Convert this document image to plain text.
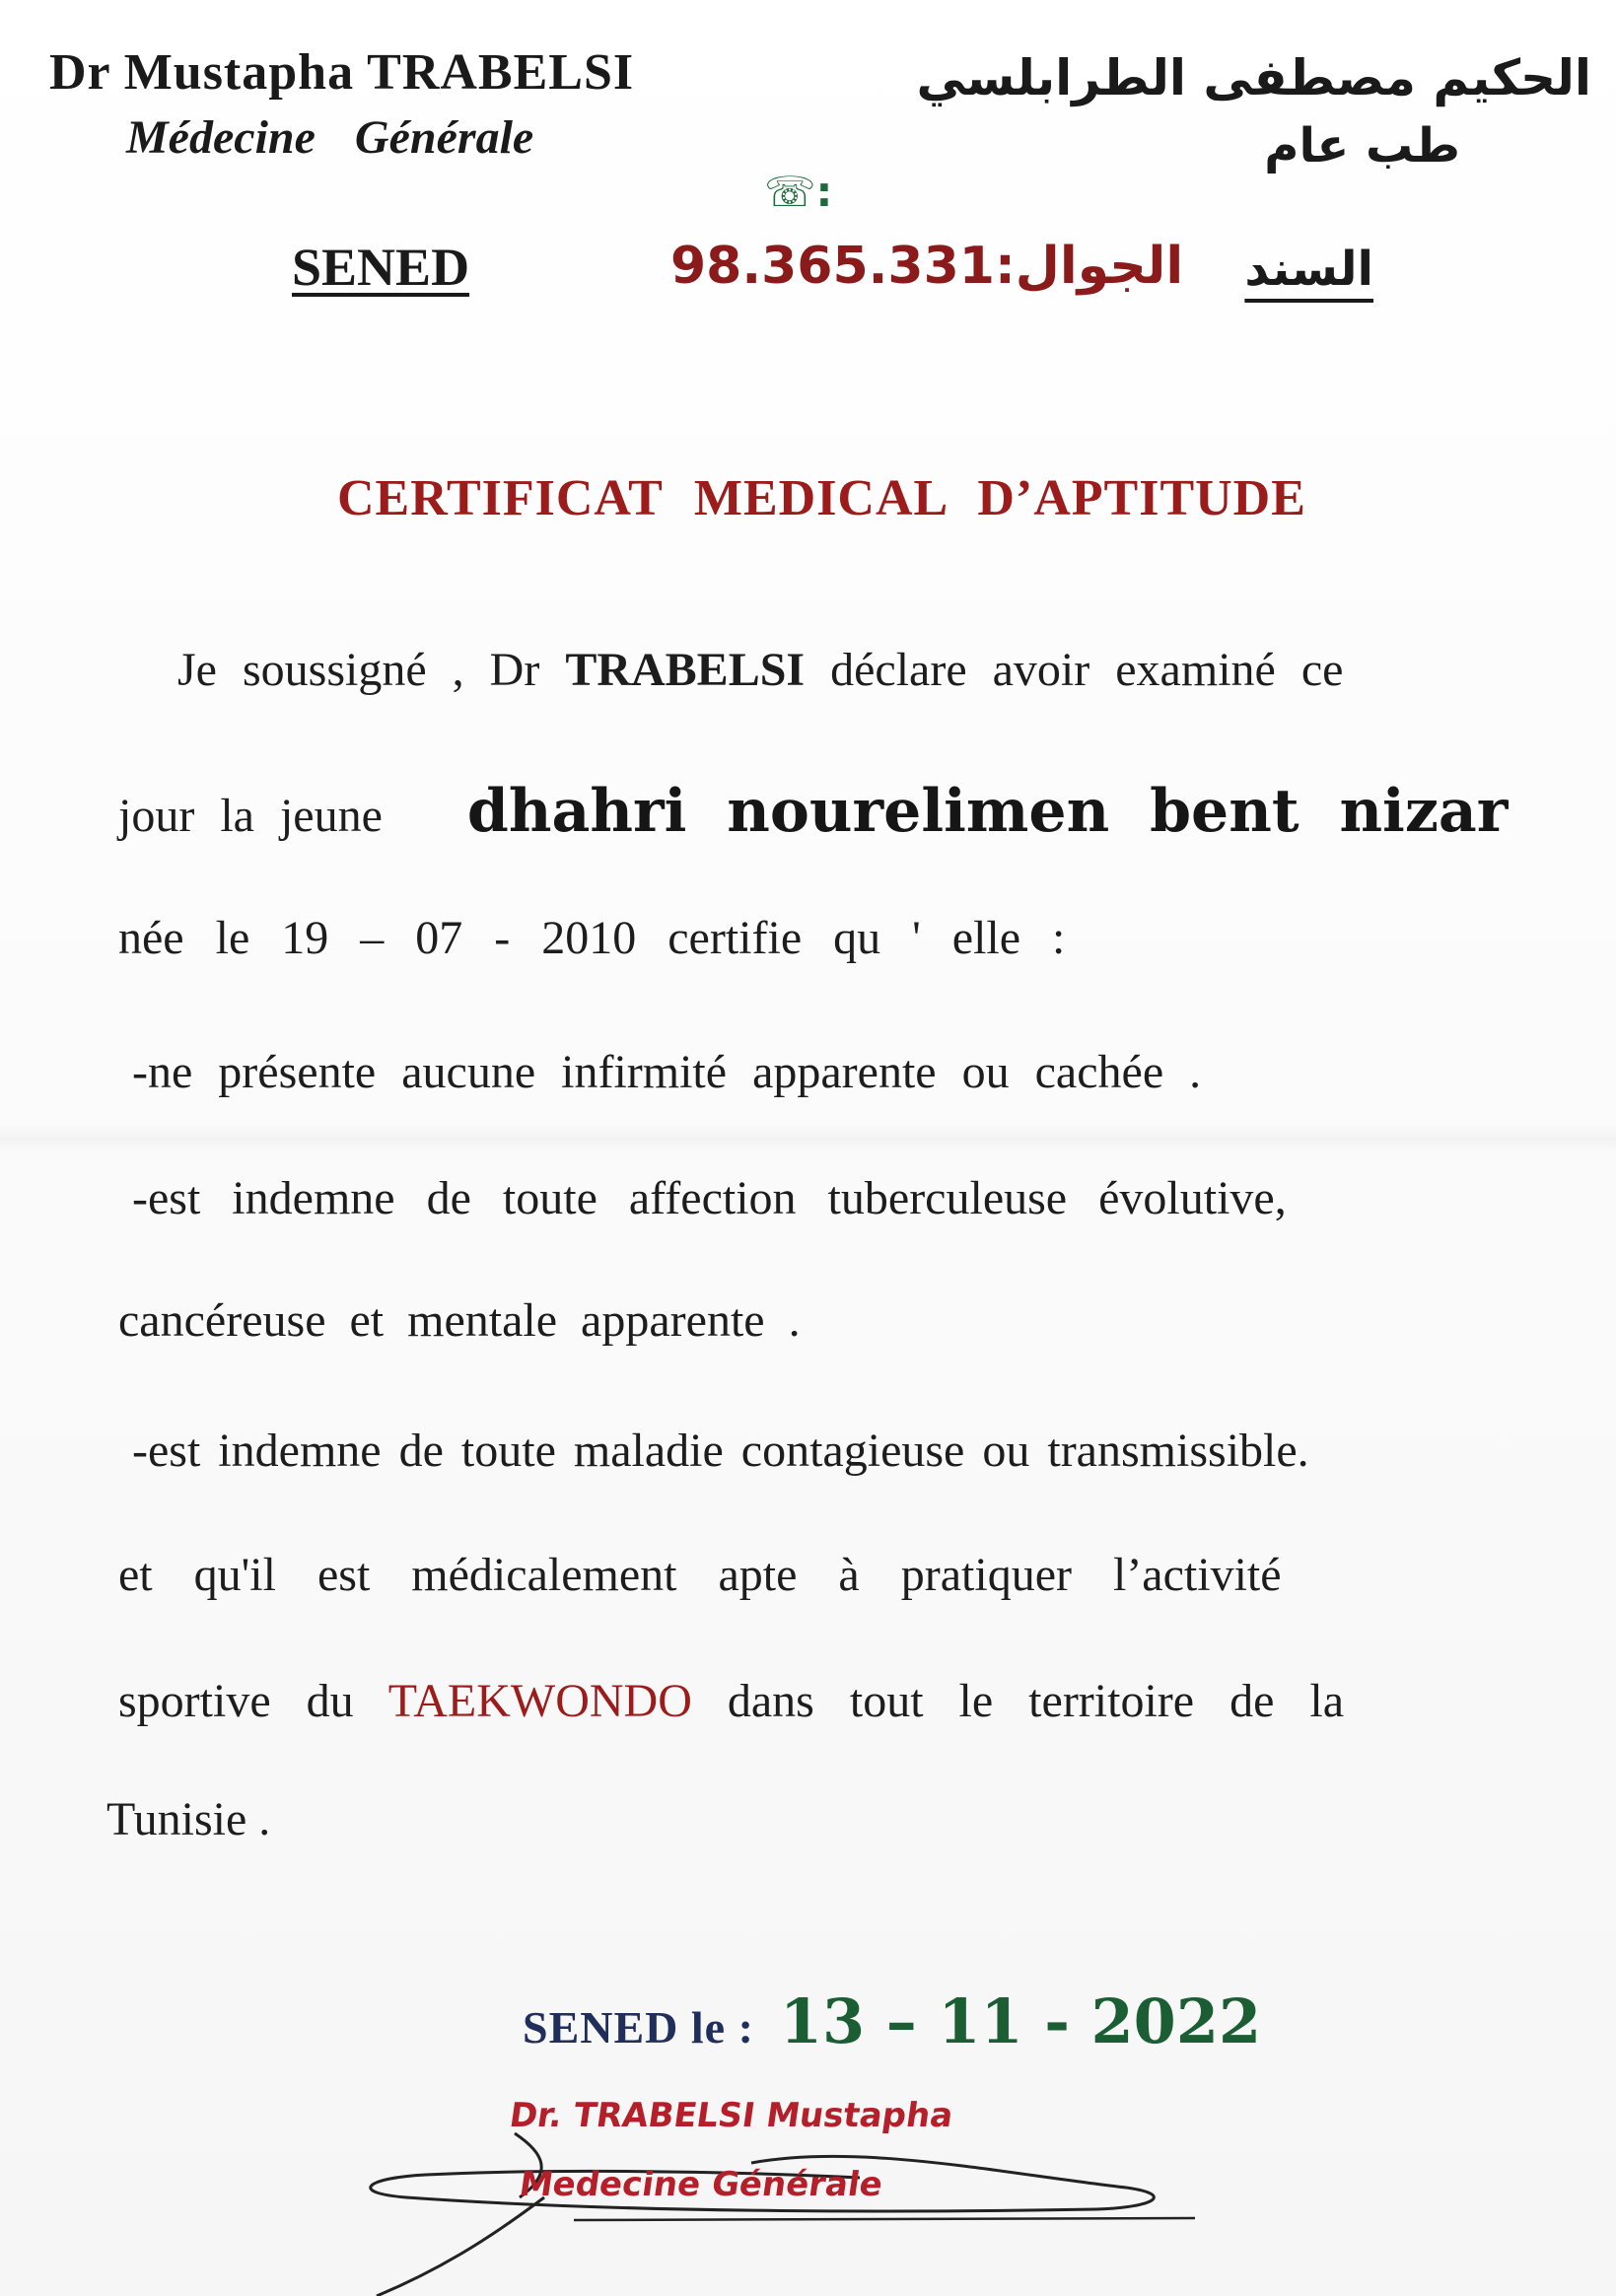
Dr Mustapha TRABELSI
Médecine Générale
الحكيم مصطفى الطرابلسي
طب عام
☏:
SENED	98.365.331:الجوال السند
CERTIFICAT MEDICAL D’APTITUDE
Je soussigné , Dr TRABELSI déclare avoir examiné ce
jour la jeune dhahri nourelimen bent nizar
née le 19 – 07 - 2010 certifie qu ' elle :
-ne présente aucune infirmité apparente ou cachée .
-est indemne de toute affection tuberculeuse évolutive,
cancéreuse et mentale apparente .
-est indemne de toute maladie contagieuse ou transmissible.
et qu'il est médicalement apte à pratiquer l’activité
sportive du TAEKWONDO dans tout le territoire de la
Tunisie .
SENED le : 13 – 11 - 2022
Dr. TRABELSI Mustapha
Medecine Générale
